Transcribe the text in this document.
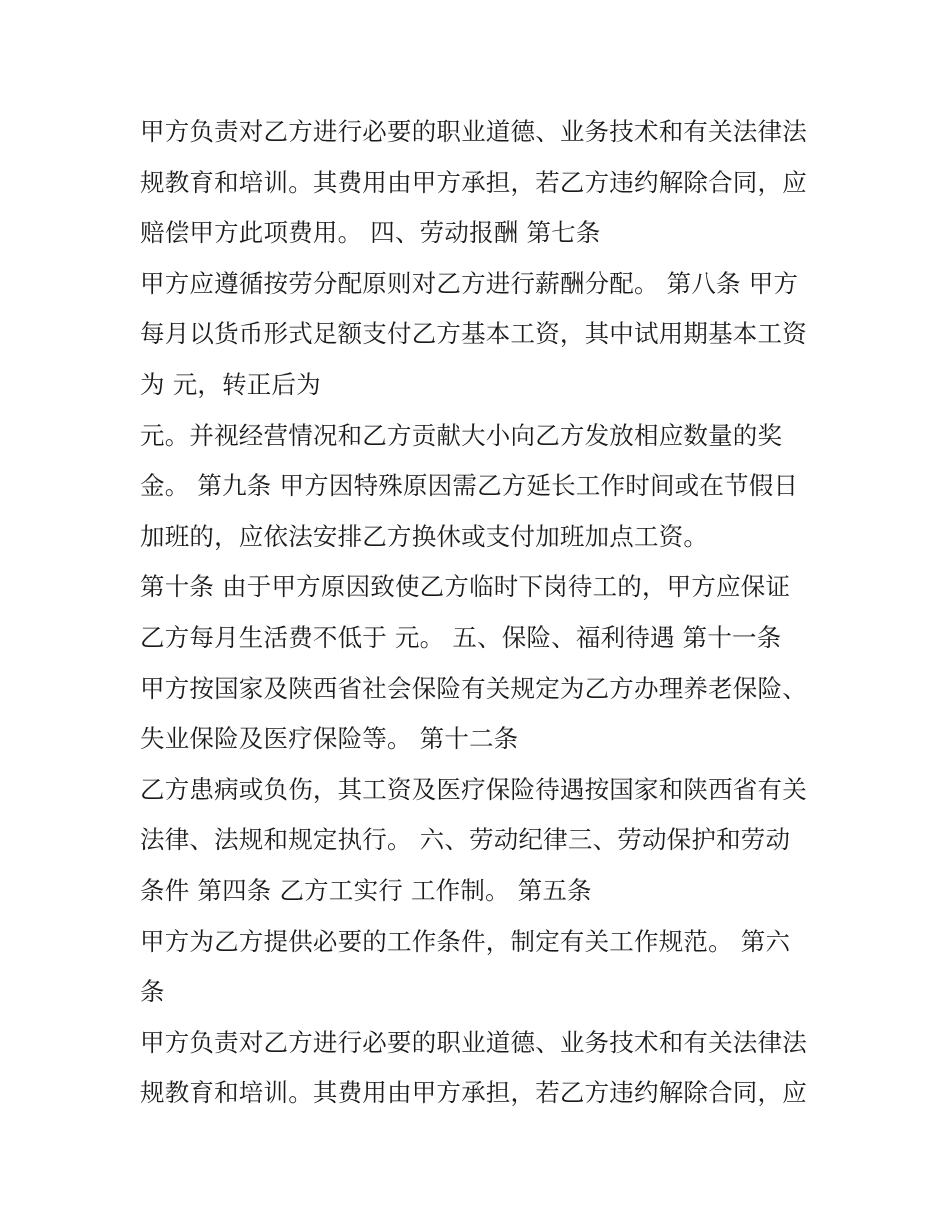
甲方负责对乙方进行必要的职业道德、业务技术和有关法律法
规教育和培训。其费用由甲方承担，若乙方违约解除合同，应
赔偿甲方此项费用。 四、劳动报酬 第七条
甲方应遵循按劳分配原则对乙方进行薪酬分配。 第八条 甲方
每月以货币形式足额支付乙方基本工资，其中试用期基本工资
为 元，转正后为
元。并视经营情况和乙方贡献大小向乙方发放相应数量的奖
金。 第九条 甲方因特殊原因需乙方延长工作时间或在节假日
加班的，应依法安排乙方换休或支付加班加点工资。
第十条 由于甲方原因致使乙方临时下岗待工的，甲方应保证
乙方每月生活费不低于 元。 五、保险、福利待遇 第十一条
甲方按国家及陕西省社会保险有关规定为乙方办理养老保险、
失业保险及医疗保险等。 第十二条
乙方患病或负伤，其工资及医疗保险待遇按国家和陕西省有关
法律、法规和规定执行。 六、劳动纪律三、劳动保护和劳动
条件 第四条 乙方工实行 工作制。 第五条
甲方为乙方提供必要的工作条件，制定有关工作规范。 第六
条
甲方负责对乙方进行必要的职业道德、业务技术和有关法律法
规教育和培训。其费用由甲方承担，若乙方违约解除合同，应
